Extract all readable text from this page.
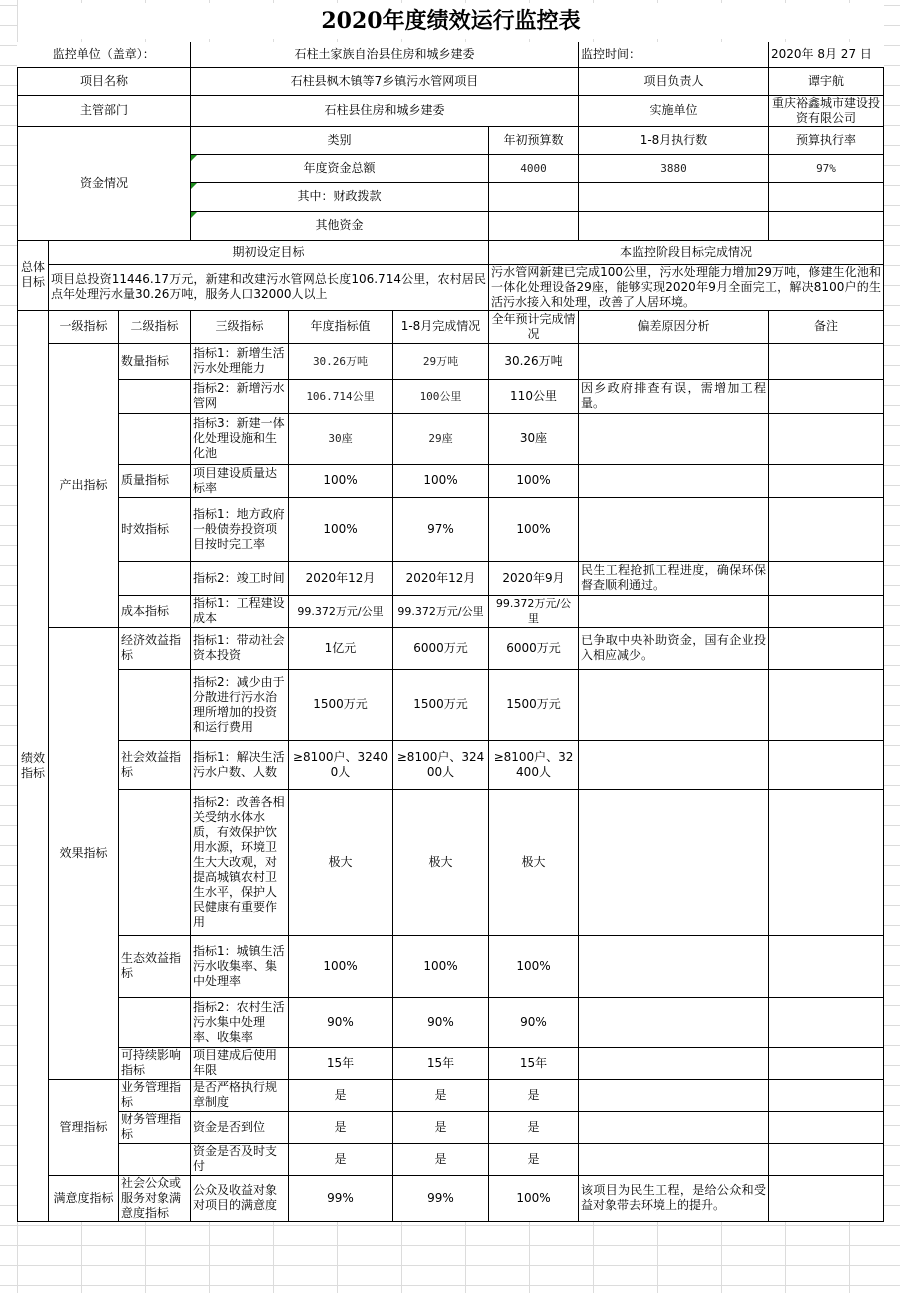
2020年度绩效运行监控表
监控单位（盖章）：			石柱土家族自治县住房和城乡建委				监控时间：	2020年 8月 27 日
项目名称			石柱县枫木镇等7乡镇污水管网项目				项目负责人	谭宇航
主管部门			石柱县住房和城乡建委				实施单位	重庆裕鑫城市建设投资有限公司
资金情况			类别			年初预算数	1-8月执行数	预算执行率
			年度资金总额			4000	3880	97%
			其中：财政拨款					
			其他资金					
总体目标	期初设定目标					本监控阶段目标完成情况		
	项目总投资11446.17万元，新建和改建污水管网总长度106.714公里，农村居民点年处理污水量30.26万吨，服务人口32000人以上					污水管网新建已完成100公里，污水处理能力增加29万吨，修建生化池和一体化处理设备29座，能够实现2020年9月全面完工，解决8100户的生活污水接入和处理，改善了人居环境。		
绩效指标	一级指标	二级指标	三级指标	年度指标值	1-8月完成情况	全年预计完成情况	偏差原因分析	备注
	产出指标	数量指标	指标1：新增生活污水处理能力	30.26万吨	29万吨	30.26万吨		
			指标2：新增污水管网	106.714公里	100公里	110公里	因乡政府排查有误，需增加工程量。	
			指标3：新建一体化处理设施和生化池	30座	29座	30座		
		质量指标	项目建设质量达标率	100%	100%	100%		
		时效指标	指标1：地方政府一般债券投资项目按时完工率	100%	97%	100%		
			指标2：竣工时间	2020年12月	2020年12月	2020年9月	民生工程抢抓工程进度，确保环保督查顺利通过。	
		成本指标	指标1：工程建设成本	99.372万元/公里	99.372万元/公里	99.372万元/公里		
	效果指标	经济效益指标	指标1：带动社会资本投资	1亿元	6000万元	6000万元	已争取中央补助资金，国有企业投入相应减少。	
			指标2：减少由于分散进行污水治理所增加的投资和运行费用	1500万元	1500万元	1500万元		
		社会效益指标	指标1：解决生活污水户数、人数	≥8100户、32400人	≥8100户、32400人	≥8100户、32400人		
			指标2：改善各相关受纳水体水质，有效保护饮用水源，环境卫生大大改观，对提高城镇农村卫生水平，保护人民健康有重要作用	极大	极大	极大		
		生态效益指标	指标1：城镇生活污水收集率、集中处理率	100%	100%	100%		
			指标2：农村生活污水集中处理率、收集率	90%	90%	90%		
		可持续影响指标	项目建成后使用年限	15年	15年	15年		
	管理指标	业务管理指标	是否严格执行规章制度	是	是	是		
		财务管理指标	资金是否到位	是	是	是		
			资金是否及时支付	是	是	是		
	满意度指标	社会公众或服务对象满意度指标	公众及收益对象对项目的满意度	99%	99%	100%	该项目为民生工程，是给公众和受益对象带去环境上的提升。	
